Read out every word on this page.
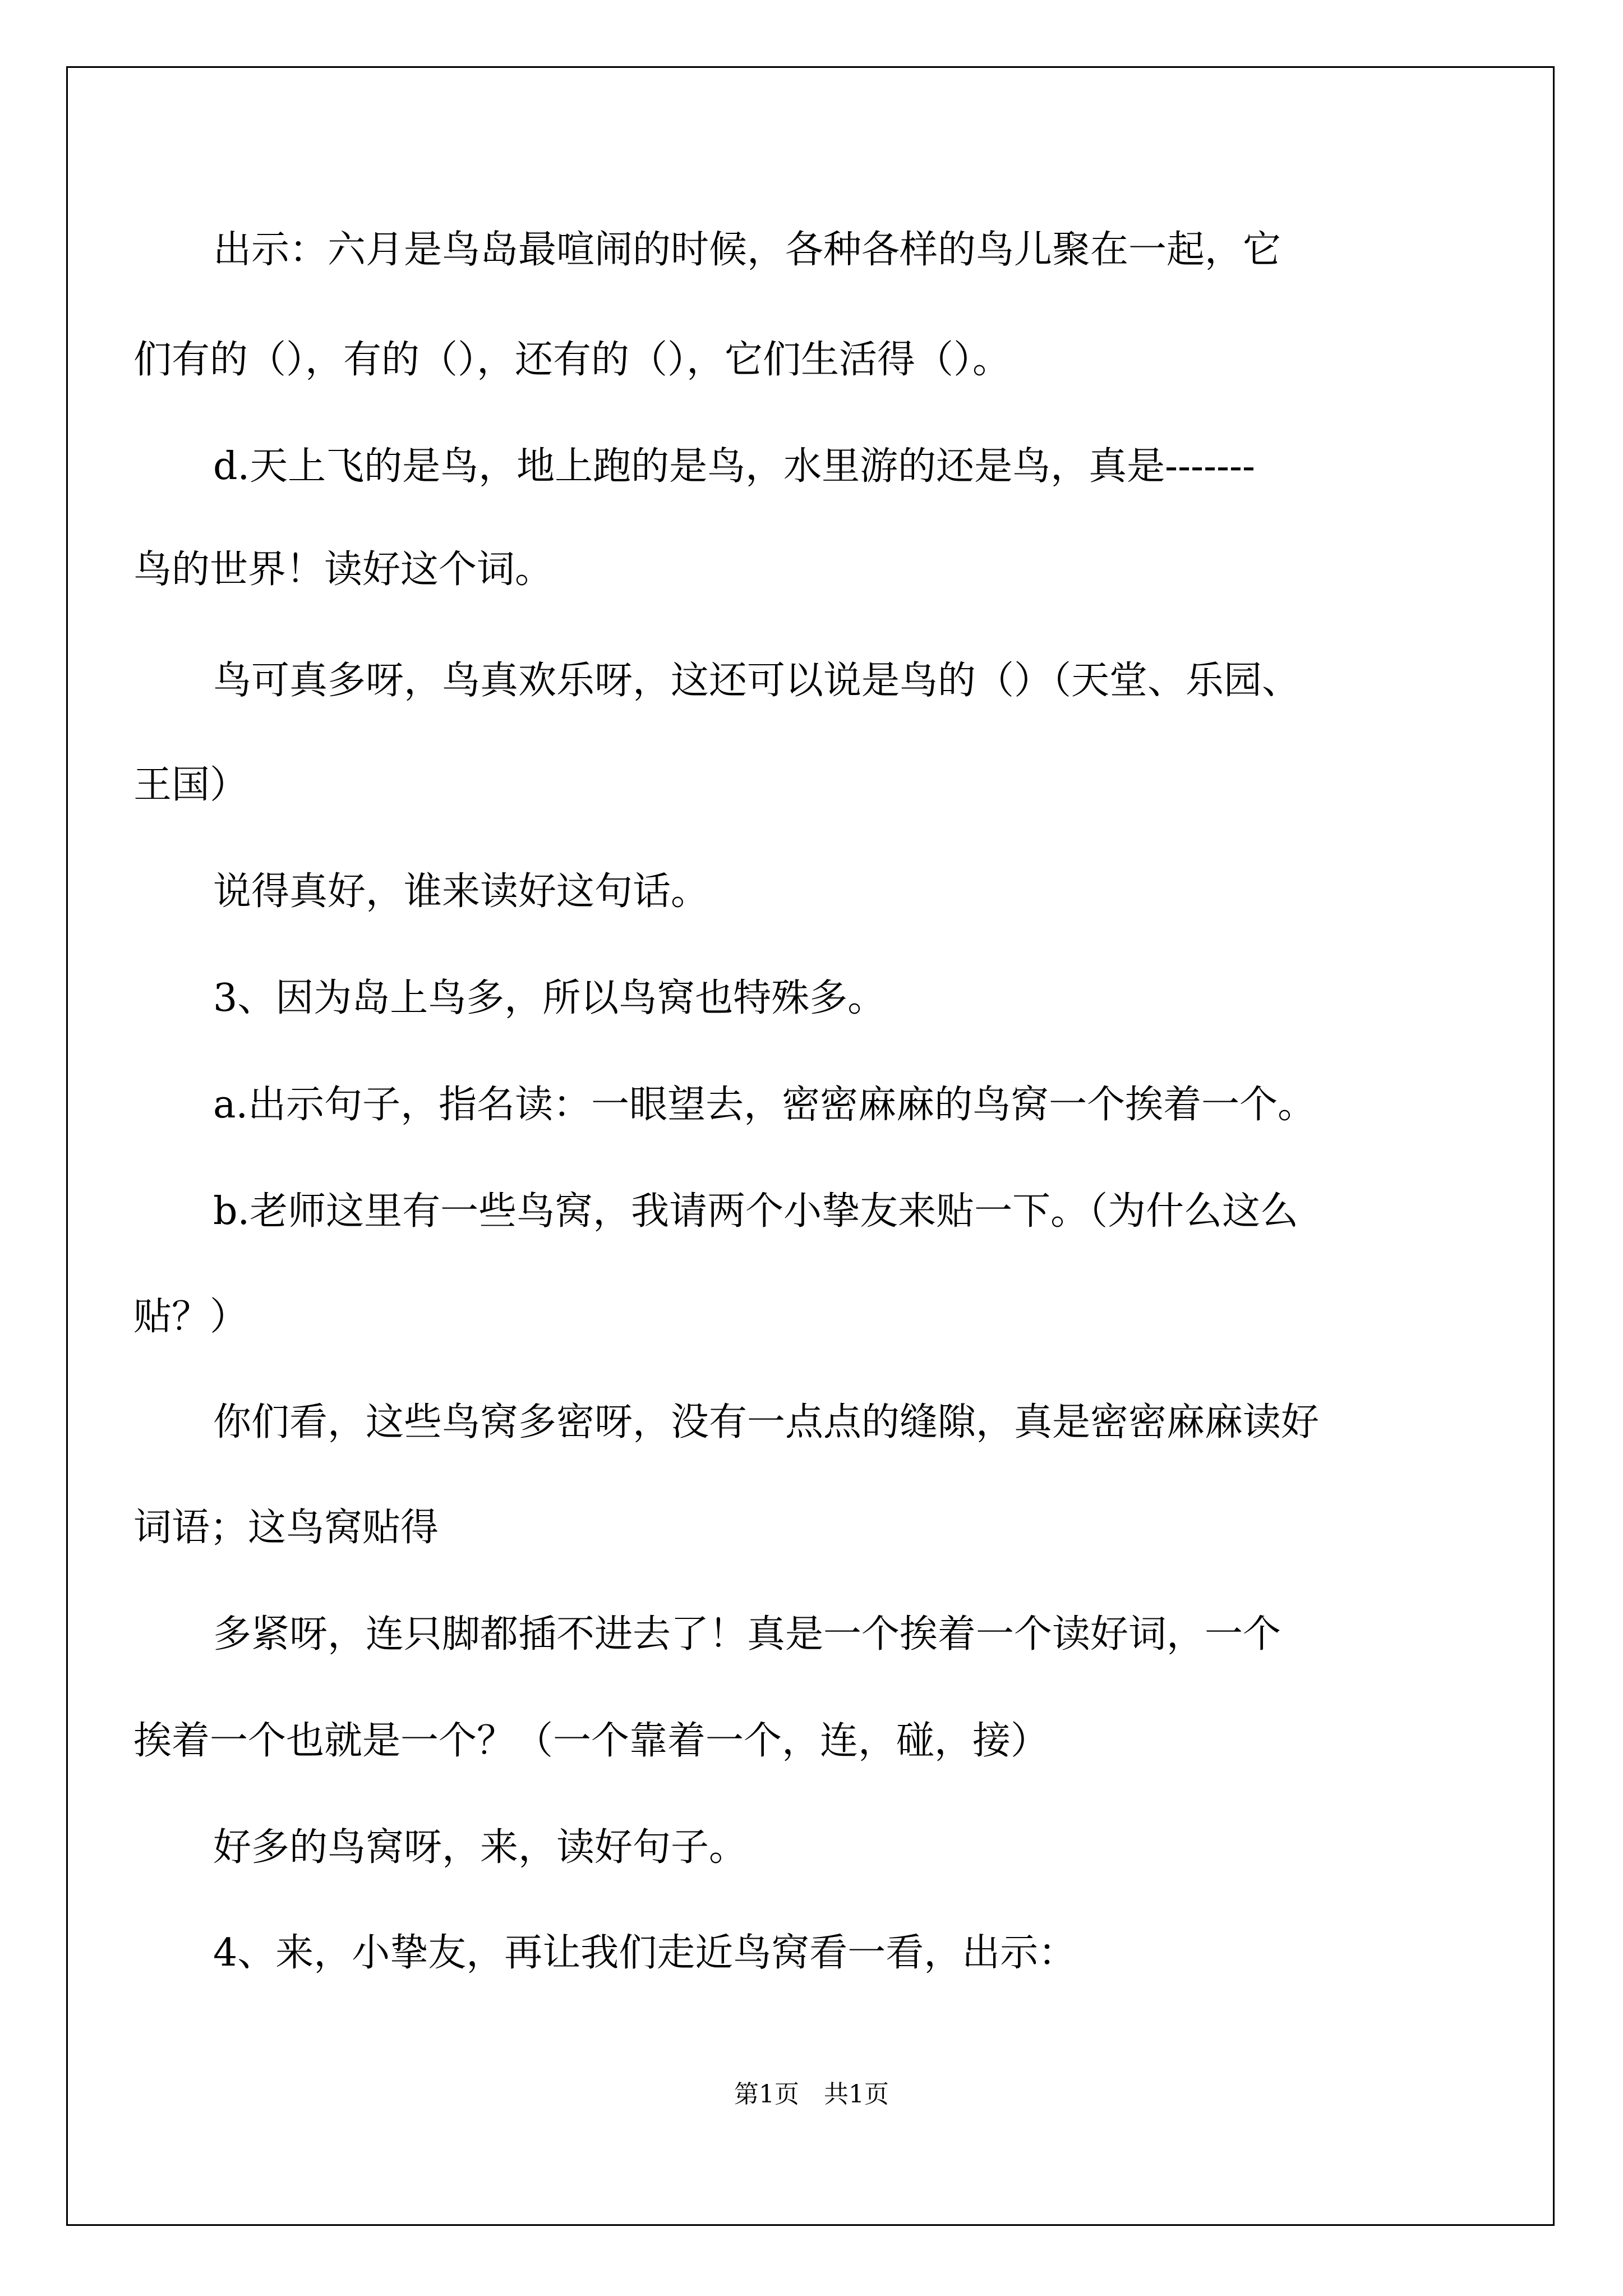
出示：六月是鸟岛最喧闹的时候，各种各样的鸟儿聚在一起，它
们有的（），有的（），还有的（），它们生活得（）。
d.天上飞的是鸟，地上跑的是鸟，水里游的还是鸟，真是-------
鸟的世界！读好这个词。
鸟可真多呀，鸟真欢乐呀，这还可以说是鸟的（）（天堂、乐园、
王国）
说得真好，谁来读好这句话。
3、因为岛上鸟多，所以鸟窝也特殊多。
a.出示句子，指名读：一眼望去，密密麻麻的鸟窝一个挨着一个。
b.老师这里有一些鸟窝，我请两个小挚友来贴一下。（为什么这么
贴？）
你们看，这些鸟窝多密呀，没有一点点的缝隙，真是密密麻麻读好
词语；这鸟窝贴得
多紧呀，连只脚都插不进去了！真是一个挨着一个读好词，一个
挨着一个也就是一个？（一个靠着一个，连，碰，接）
好多的鸟窝呀，来，读好句子。
4、来，小挚友，再让我们走近鸟窝看一看，出示：
第1页　共1页
